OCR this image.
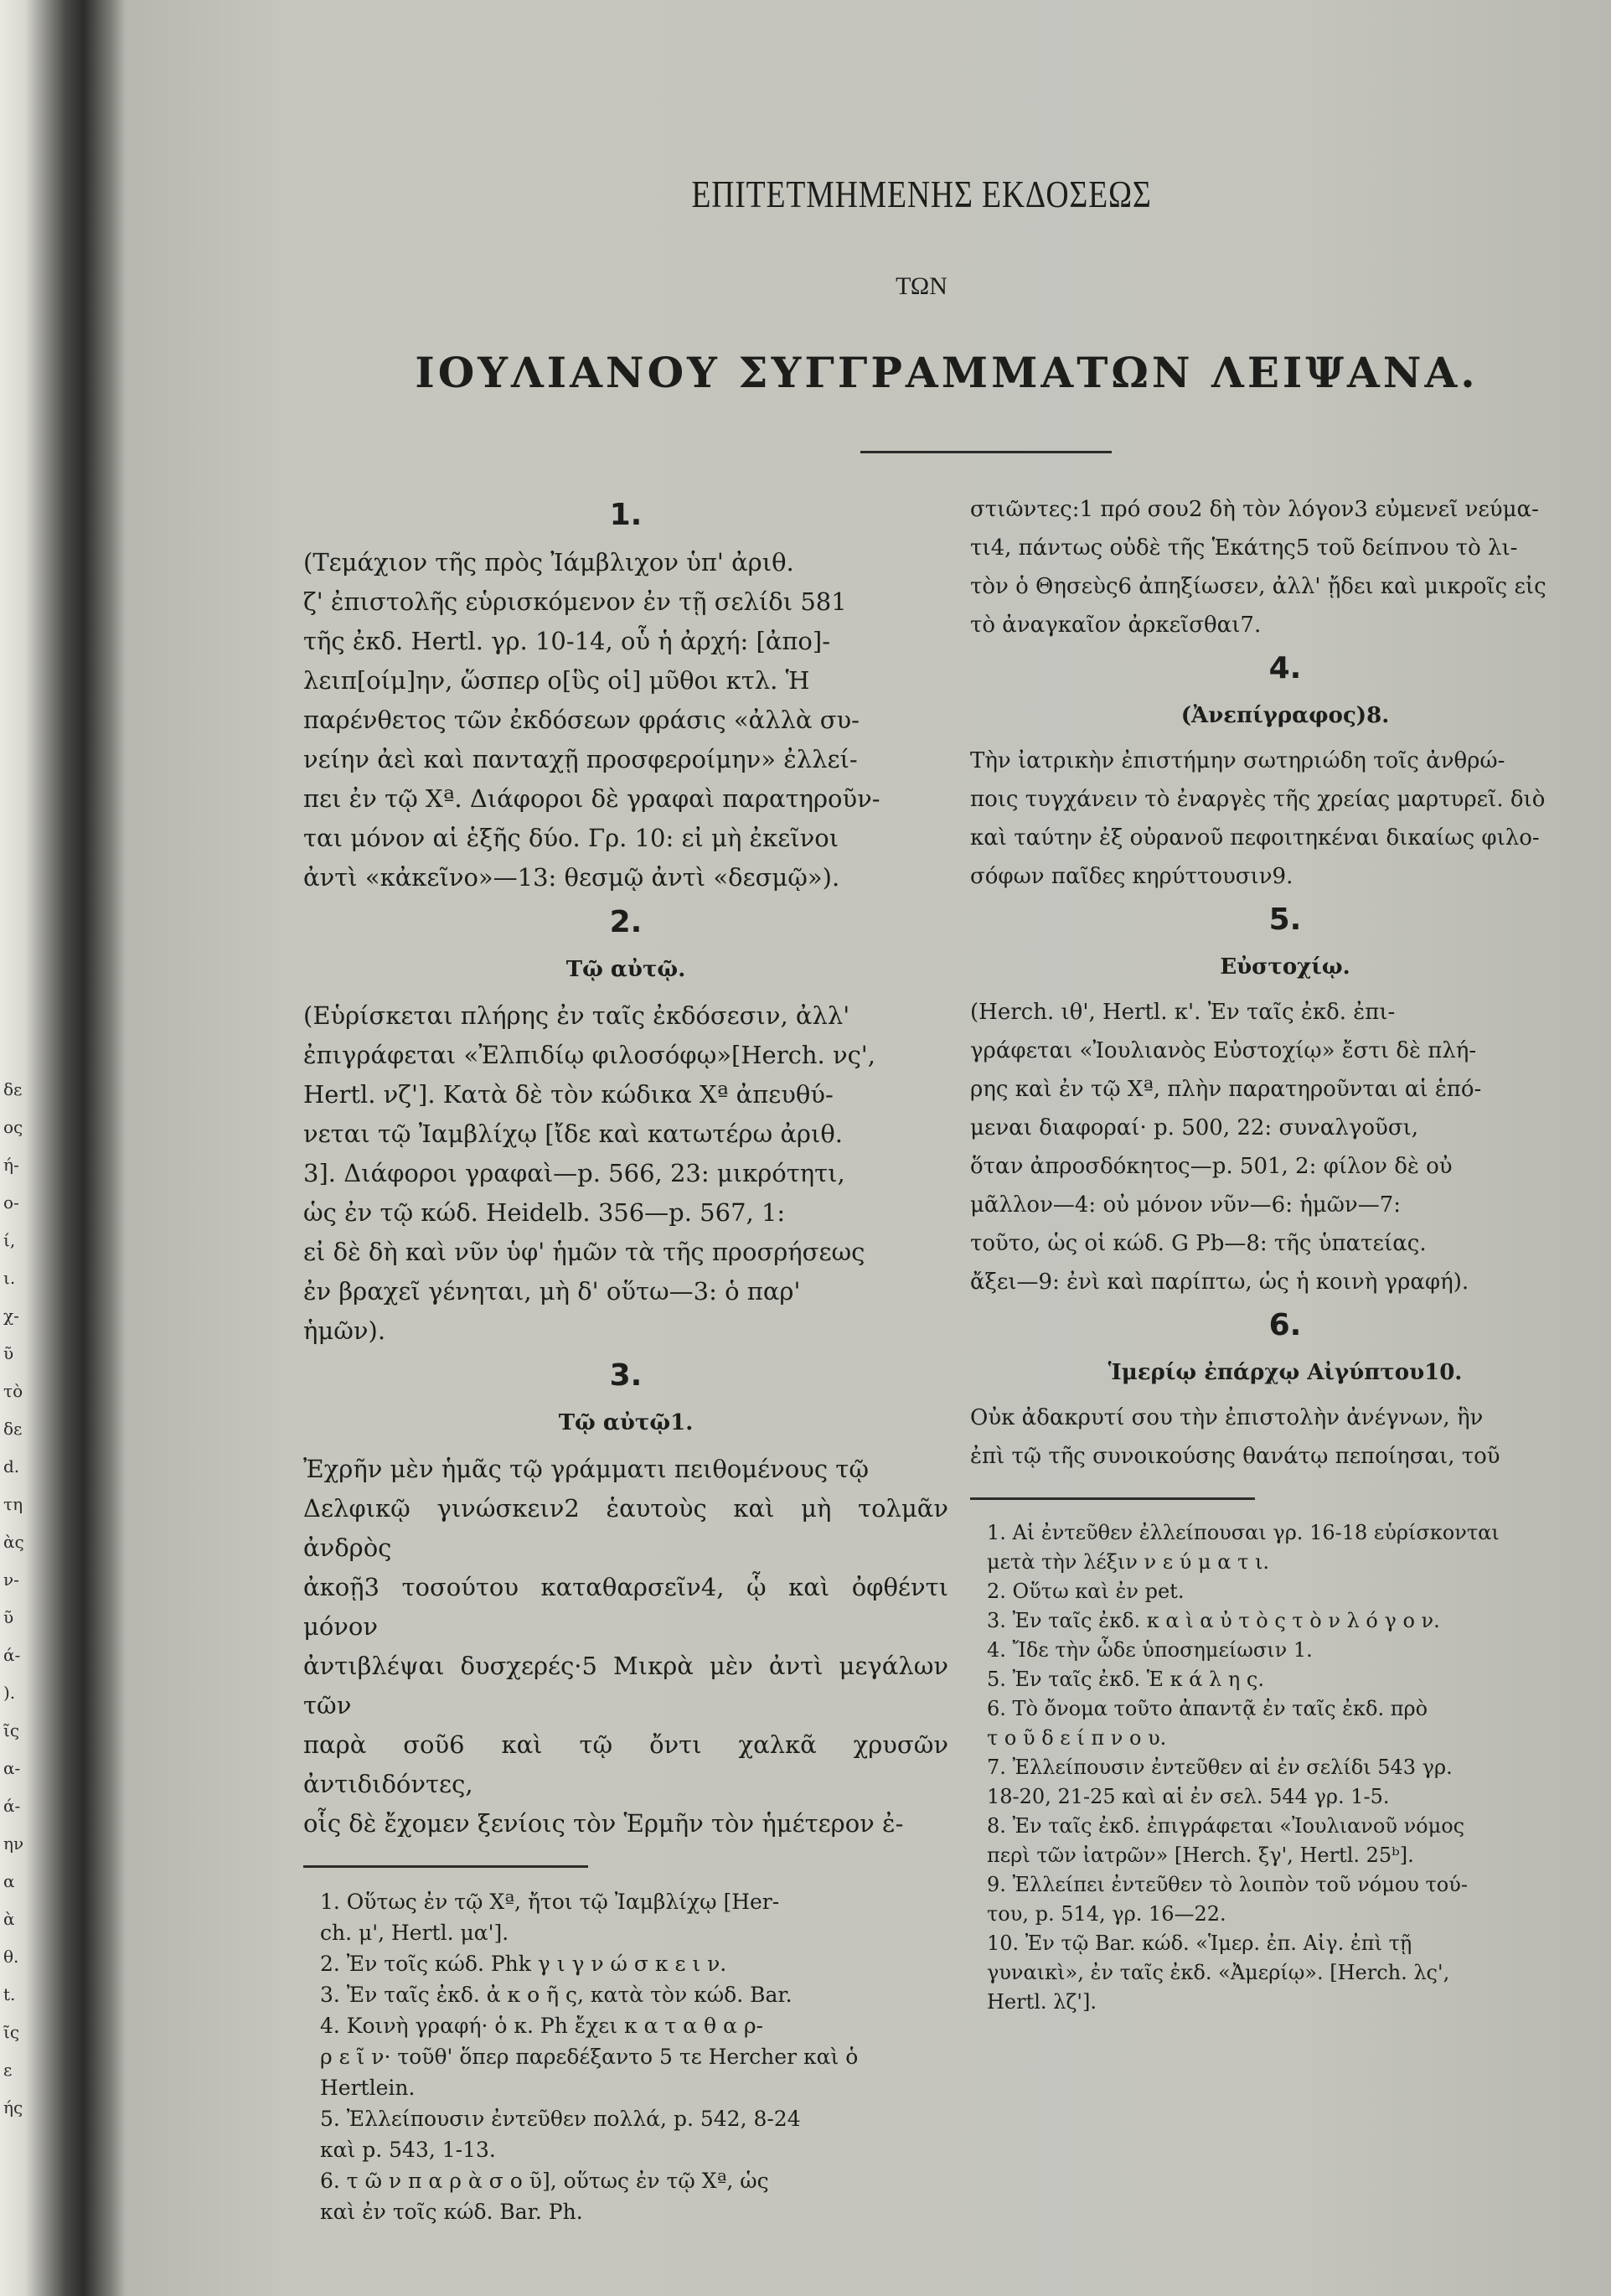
δε
ος
ή-
ο-
ί,
ι.
χ-
ῦ
τὸ
δε
d.
τη
ὰς
ν-
ῦ
ά-
).
ῖς
α-
ά-
ην
α
ὰ
θ.
t.
ῖς
ε
ής
ΕΠΙΤΕΤΜΗΜΕΝΗΣ ΕΚΔΟΣΕΩΣ
ΤΩΝ
ΙΟΥΛΙΑΝΟΥ ΣΥΓΓΡΑΜΜΑΤΩΝ ΛΕΙΨΑΝΑ.
1.

(Τεμάχιον τῆς πρὸς Ἰάμβλιχον ὑπ' ἀριθ.

ζ' ἐπιστολῆς εὑρισκόμενον ἐν τῇ σελίδι 581

τῆς ἐκδ. Hertl. γρ. 10-14, οὗ ἡ ἀρχή: [ἀπο]-

λειπ[οίμ]ην, ὥσπερ ο[ὓς οἱ] μῦθοι κτλ. Ἡ

παρένθετος τῶν ἐκδόσεων φράσις «ἀλλὰ συ-

νείην ἀεὶ καὶ πανταχῇ προσφεροίμην» ἐλλεί-

πει ἐν τῷ Xª. Διάφοροι δὲ γραφαὶ παρατηροῦν-

ται μόνον αἱ ἑξῆς δύο. Γρ. 10: εἰ μὴ ἐκεῖνοι

ἀντὶ «κἀκεῖνο»—13: θεσμῷ ἀντὶ «δεσμῷ»).

2.
Τῷ αὐτῷ.

(Εὑρίσκεται πλήρης ἐν ταῖς ἐκδόσεσιν, ἀλλ'

ἐπιγράφεται «Ἐλπιδίῳ φιλοσόφῳ»[Herch. νς',

Hertl. νζ']. Κατὰ δὲ τὸν κώδικα Xª ἀπευθύ-

νεται τῷ Ἰαμβλίχῳ [ἴδε καὶ κατωτέρω ἀριθ.

3]. Διάφοροι γραφαὶ—p. 566, 23: μικρότητι,

ὡς ἐν τῷ κώδ. Heidelb. 356—p. 567, 1:

εἰ δὲ δὴ καὶ νῦν ὑφ' ἡμῶν τὰ τῆς προσρήσεως

ἐν βραχεῖ γένηται, μὴ δ' οὕτω—3: ὁ παρ'

ἡμῶν).

3.
Τῷ αὐτῷ1.

Ἐχρῆν μὲν ἡμᾶς τῷ γράμματι πειθομένους τῷ

Δελφικῷ γινώσκειν2 ἑαυτοὺς καὶ μὴ τολμᾶν ἀνδρὸς

ἀκοῇ3 τοσούτου καταθαρσεῖν4, ᾧ καὶ ὀφθέντι μόνον

ἀντιβλέψαι δυσχερές·5 Μικρὰ μὲν ἀντὶ μεγάλων τῶν

παρὰ σοῦ6 καὶ τῷ ὄντι χαλκᾶ χρυσῶν ἀντιδιδόντες,

οἷς δὲ ἔχομεν ξενίοις τὸν Ἑρμῆν τὸν ἡμέτερον ἐ-

1. Οὕτως ἐν τῷ Xª, ἤτοι τῷ Ἰαμβλίχῳ [Her-

ch. μ', Hertl. μα'].

2. Ἐν τοῖς κώδ. Phk γ ι γ ν ώ σ κ ε ι ν.

3. Ἐν ταῖς ἐκδ. ἀ κ ο ῆ ς, κατὰ τὸν κώδ. Bar.

4. Κοινὴ γραφή· ὁ κ. Ph ἔχει κ α τ α θ α ρ-

ρ ε ῖ ν· τοῦθ' ὅπερ παρεδέξαντο 5 τε Hercher καὶ ὁ

Hertlein.

5. Ἐλλείπουσιν ἐντεῦθεν πολλά, p. 542, 8-24

καὶ p. 543, 1-13.

6. τ ῶ ν π α ρ ὰ σ ο ῦ], οὕτως ἐν τῷ Xª, ὡς

καὶ ἐν τοῖς κώδ. Bar. Ph.

στιῶντες:1 πρό σου2 δὴ τὸν λόγον3 εὐμενεῖ νεύμα-

τι4, πάντως οὐδὲ τῆς Ἑκάτης5 τοῦ δείπνου τὸ λι-

τὸν ὁ Θησεὺς6 ἀπηξίωσεν, ἀλλ' ᾔδει καὶ μικροῖς εἰς

τὸ ἀναγκαῖον ἀρκεῖσθαι7.

4.
(Ἀνεπίγραφος)8.

Τὴν ἰατρικὴν ἐπιστήμην σωτηριώδη τοῖς ἀνθρώ-

ποις τυγχάνειν τὸ ἐναργὲς τῆς χρείας μαρτυρεῖ. διὸ

καὶ ταύτην ἐξ οὐρανοῦ πεφοιτηκέναι δικαίως φιλο-

σόφων παῖδες κηρύττουσιν9.

5.
Εὐστοχίῳ.

(Herch. ιθ', Hertl. κ'. Ἐν ταῖς ἐκδ. ἐπι-

γράφεται «Ἰουλιανὸς Εὐστοχίῳ» ἔστι δὲ πλή-

ρης καὶ ἐν τῷ Xª, πλὴν παρατηροῦνται αἱ ἑπό-

μεναι διαφοραί· p. 500, 22: συναλγοῦσι,

ὅταν ἀπροσδόκητος—p. 501, 2: φίλον δὲ οὐ

μᾶλλον—4: οὐ μόνον νῦν—6: ἡμῶν—7:

τοῦτο, ὡς οἱ κώδ. G Pb—8: τῆς ὑπατείας.

ἄξει—9: ἐνὶ καὶ παρίπτω, ὡς ἡ κοινὴ γραφή).

6.
Ἱμερίῳ ἐπάρχῳ Αἰγύπτου10.

Οὐκ ἀδακρυτί σου τὴν ἐπιστολὴν ἀνέγνων, ἣν

ἐπὶ τῷ τῆς συνοικούσης θανάτῳ πεποίησαι, τοῦ

1. Αἱ ἐντεῦθεν ἐλλείπουσαι γρ. 16-18 εὑρίσκονται

μετὰ τὴν λέξιν ν ε ύ μ α τ ι.

2. Οὕτω καὶ ἐν pet.

3. Ἐν ταῖς ἐκδ. κ α ὶ α ὐ τ ὸ ς τ ὸ ν λ ό γ ο ν.

4. Ἴδε τὴν ὧδε ὑποσημείωσιν 1.

5. Ἐν ταῖς ἐκδ. Ἑ κ ά λ η ς.

6. Τὸ ὄνομα τοῦτο ἀπαντᾷ ἐν ταῖς ἐκδ. πρὸ

τ ο ῦ δ ε ί π ν ο υ.

7. Ἐλλείπουσιν ἐντεῦθεν αἱ ἐν σελίδι 543 γρ.

18-20, 21-25 καὶ αἱ ἐν σελ. 544 γρ. 1-5.

8. Ἐν ταῖς ἐκδ. ἐπιγράφεται «Ἰουλιανοῦ νόμος

περὶ τῶν ἰατρῶν» [Herch. ξγ', Hertl. 25ᵇ].

9. Ἐλλείπει ἐντεῦθεν τὸ λοιπὸν τοῦ νόμου τού-

του, p. 514, γρ. 16—22.

10. Ἐν τῷ Bar. κώδ. «Ἱμερ. ἐπ. Αἰγ. ἐπὶ τῇ

γυναικὶ», ἐν ταῖς ἐκδ. «Ἀμερίῳ». [Herch. λς',

Hertl. λζ'].
